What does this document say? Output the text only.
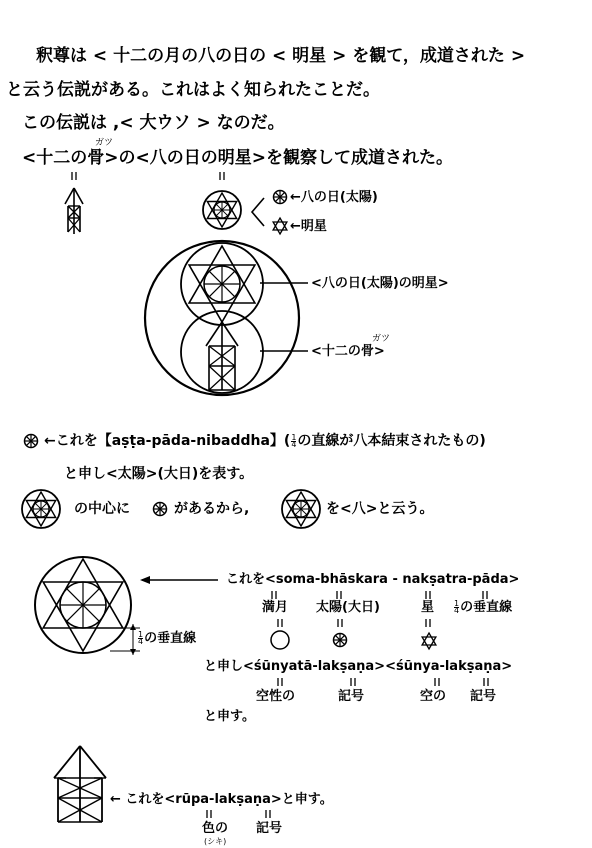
釈尊は < 十二の月の八の日の < 明星 > を観て，成道された >
と云う伝説がある。これはよく知られたことだ。
この伝説は ,< 大ウソ > なのだ。
ガツ
<十二の骨>の<八の日の明星>を観察して成道された。
←八の日(太陽)
←明星
<八の日(太陽)の明星>
ガツ
<十二の骨>
←これを【aṣṭa-pāda-nibaddha】( $\frac{1}{4}$ の直線が八本結束されたもの)
と申し<太陽>(大日)を表す。
の中心に	があるから,	を<八>と云う。
これを<soma-bhāskara - nakṣatra-pāda>
満月 太陽(大日)	星 $\frac{1}{4}$ の垂直線
$\frac{1}{4}$ の垂直線
と申し<śūnyatā-lakṣaṇa><śūnya-lakṣaṇa>
空性の	記号	空の 記号
と申す。
← これを<rūpa-lakṣaṇa>と申す。
色の 記号
(シキ)
